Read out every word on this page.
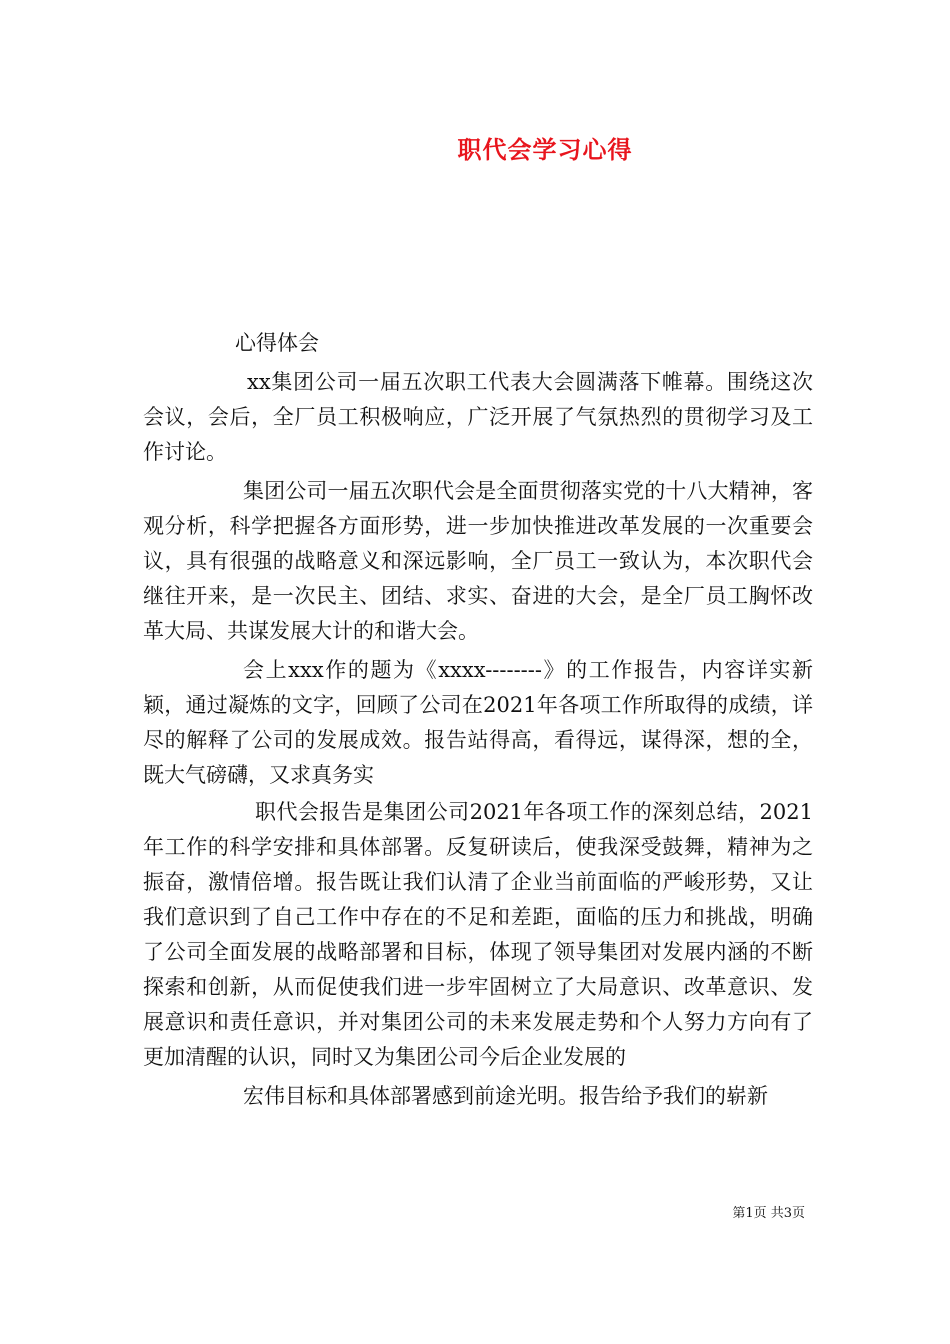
职代会学习心得

心得体会

xx集团公司一届五次职工代表大会圆满落下帷幕。围绕这次会议，会后，全厂员工积极响应，广泛开展了气氛热烈的贯彻学习及工作讨论。

集团公司一届五次职代会是全面贯彻落实党的十八大精神，客观分析，科学把握各方面形势，进一步加快推进改革发展的一次重要会议，具有很强的战略意义和深远影响，全厂员工一致认为，本次职代会继往开来，是一次民主、团结、求实、奋进的大会，是全厂员工胸怀改革大局、共谋发展大计的和谐大会。

会上xxx作的题为《xxxx--------》的工作报告，内容详实新颖，通过凝炼的文字，回顾了公司在2021年各项工作所取得的成绩，详尽的解释了公司的发展成效。报告站得高，看得远，谋得深，想的全，既大气磅礴，又求真务实

职代会报告是集团公司2021年各项工作的深刻总结，2021年工作的科学安排和具体部署。反复研读后，使我深受鼓舞，精神为之振奋，激情倍增。报告既让我们认清了企业当前面临的严峻形势，又让我们意识到了自己工作中存在的不足和差距，面临的压力和挑战，明确了公司全面发展的战略部署和目标，体现了领导集团对发展内涵的不断探索和创新，从而促使我们进一步牢固树立了大局意识、改革意识、发展意识和责任意识，并对集团公司的未来发展走势和个人努力方向有了更加清醒的认识，同时又为集团公司今后企业发展的

宏伟目标和具体部署感到前途光明。报告给予我们的崭新

第1页 共3页
